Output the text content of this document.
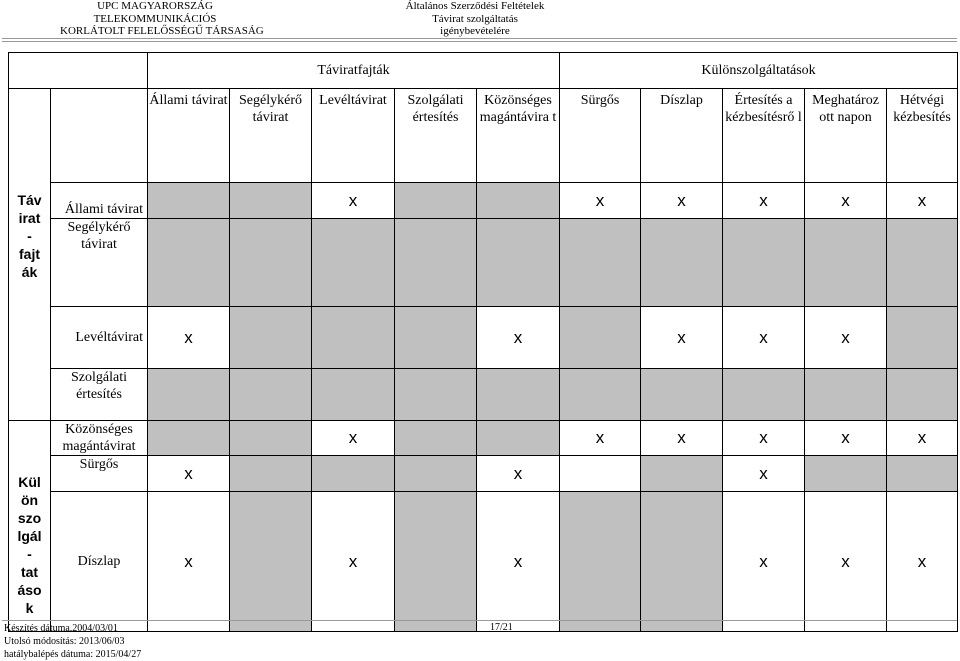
UPC MAGYARORSZÁG
TELEKOMMUNIKÁCIÓS
KORLÁTOLT FELELŐSSÉGŰ TÁRSASÁG
Általános Szerződési Feltételek
Távirat szolgáltatás
igénybevételére
		Táviratfajták					Különszolgáltatások				
		Állami távirat	Segélykérő távirat	Levéltávirat	Szolgálati értesítés	Közönséges magántávira t	Sürgős	Díszlap	Értesítés a kézbesítésrő l	Meghatároz ott napon	Hétvégi kézbesítés
	Állami távirat			x			x	x	x	x	x
	Segélykérő távirat										
	Levéltávirat	x				x		x	x	x	
	Szolgálati értesítés										
	Közönséges magántávirat			x			x	x	x	x	x
	Sürgős	x				x			x		
	Díszlap	x		x		x			x	x	x
Táv
irat
-
fajt
ák
Kül
ön
szo
lgál
-
tat
áso
k
Készítés dátuma.2004/03/01
Utolsó módosítás: 2013/06/03
hatálybalépés dátuma: 2015/04/27
17/21
